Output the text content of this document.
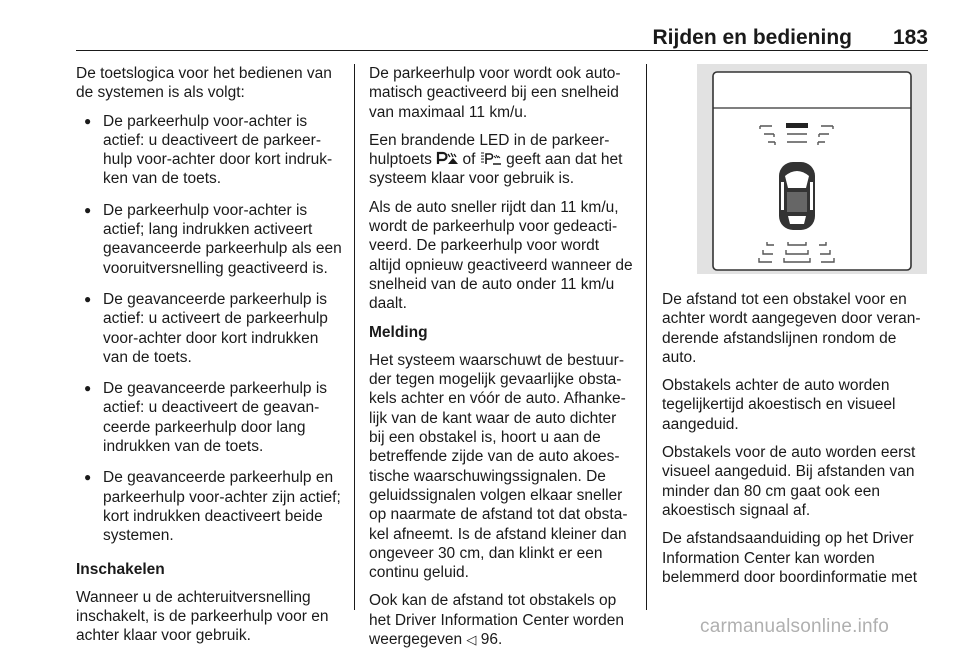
Rijden en bediening	183

De toetslogica voor het bedienen van de systemen is als volgt:

● De parkeerhulp voor-achter is actief: u deactiveert de parkeerhulp voor-achter door kort indrukken van de toets.
● De parkeerhulp voor-achter is actief; lang indrukken activeert geavanceerde parkeerhulp als een vooruitversnelling geactiveerd is.
● De geavanceerde parkeerhulp is actief: u activeert de parkeerhulp voor-achter door kort indrukken van de toets.
● De geavanceerde parkeerhulp is actief: u deactiveert de geavanceerde parkeerhulp door lang indrukken van de toets.
● De geavanceerde parkeerhulp en parkeerhulp voor-achter zijn actief; kort indrukken deactiveert beide systemen.

Inschakelen

Wanneer u de achteruitversnelling inschakelt, is de parkeerhulp voor en achter klaar voor gebruik.

De parkeerhulp voor wordt ook automatisch geactiveerd bij een snelheid van maximaal 11 km/u.

Een brandende LED in de parkeerhulptoets of geeft aan dat het systeem klaar voor gebruik is.

Als de auto sneller rijdt dan 11 km/u, wordt de parkeerhulp voor gedeactiveerd. De parkeerhulp voor wordt altijd opnieuw geactiveerd wanneer de snelheid van de auto onder 11 km/u daalt.

Melding

Het systeem waarschuwt de bestuurder tegen mogelijk gevaarlijke obstakels achter en vóór de auto. Afhankelijk van de kant waar de auto dichter bij een obstakel is, hoort u aan de betreffende zijde van de auto akoestische waarschuwingssignalen. De geluidssignalen volgen elkaar sneller op naarmate de afstand tot dat obstakel afneemt. Is de afstand kleiner dan ongeveer 30 cm, dan klinkt er een continu geluid.

Ook kan de afstand tot obstakels op het Driver Information Center worden weergegeven ◁ 96.

De afstand tot een obstakel voor en achter wordt aangegeven door veranderende afstandslijnen rondom de auto.

Obstakels achter de auto worden tegelijkertijd akoestisch en visueel aangeduid.

Obstakels voor de auto worden eerst visueel aangeduid. Bij afstanden van minder dan 80 cm gaat ook een akoestisch signaal af.

De afstandsaanduiding op het Driver Information Center kan worden belemmerd door boordinformatie met

carmanualsonline.info
